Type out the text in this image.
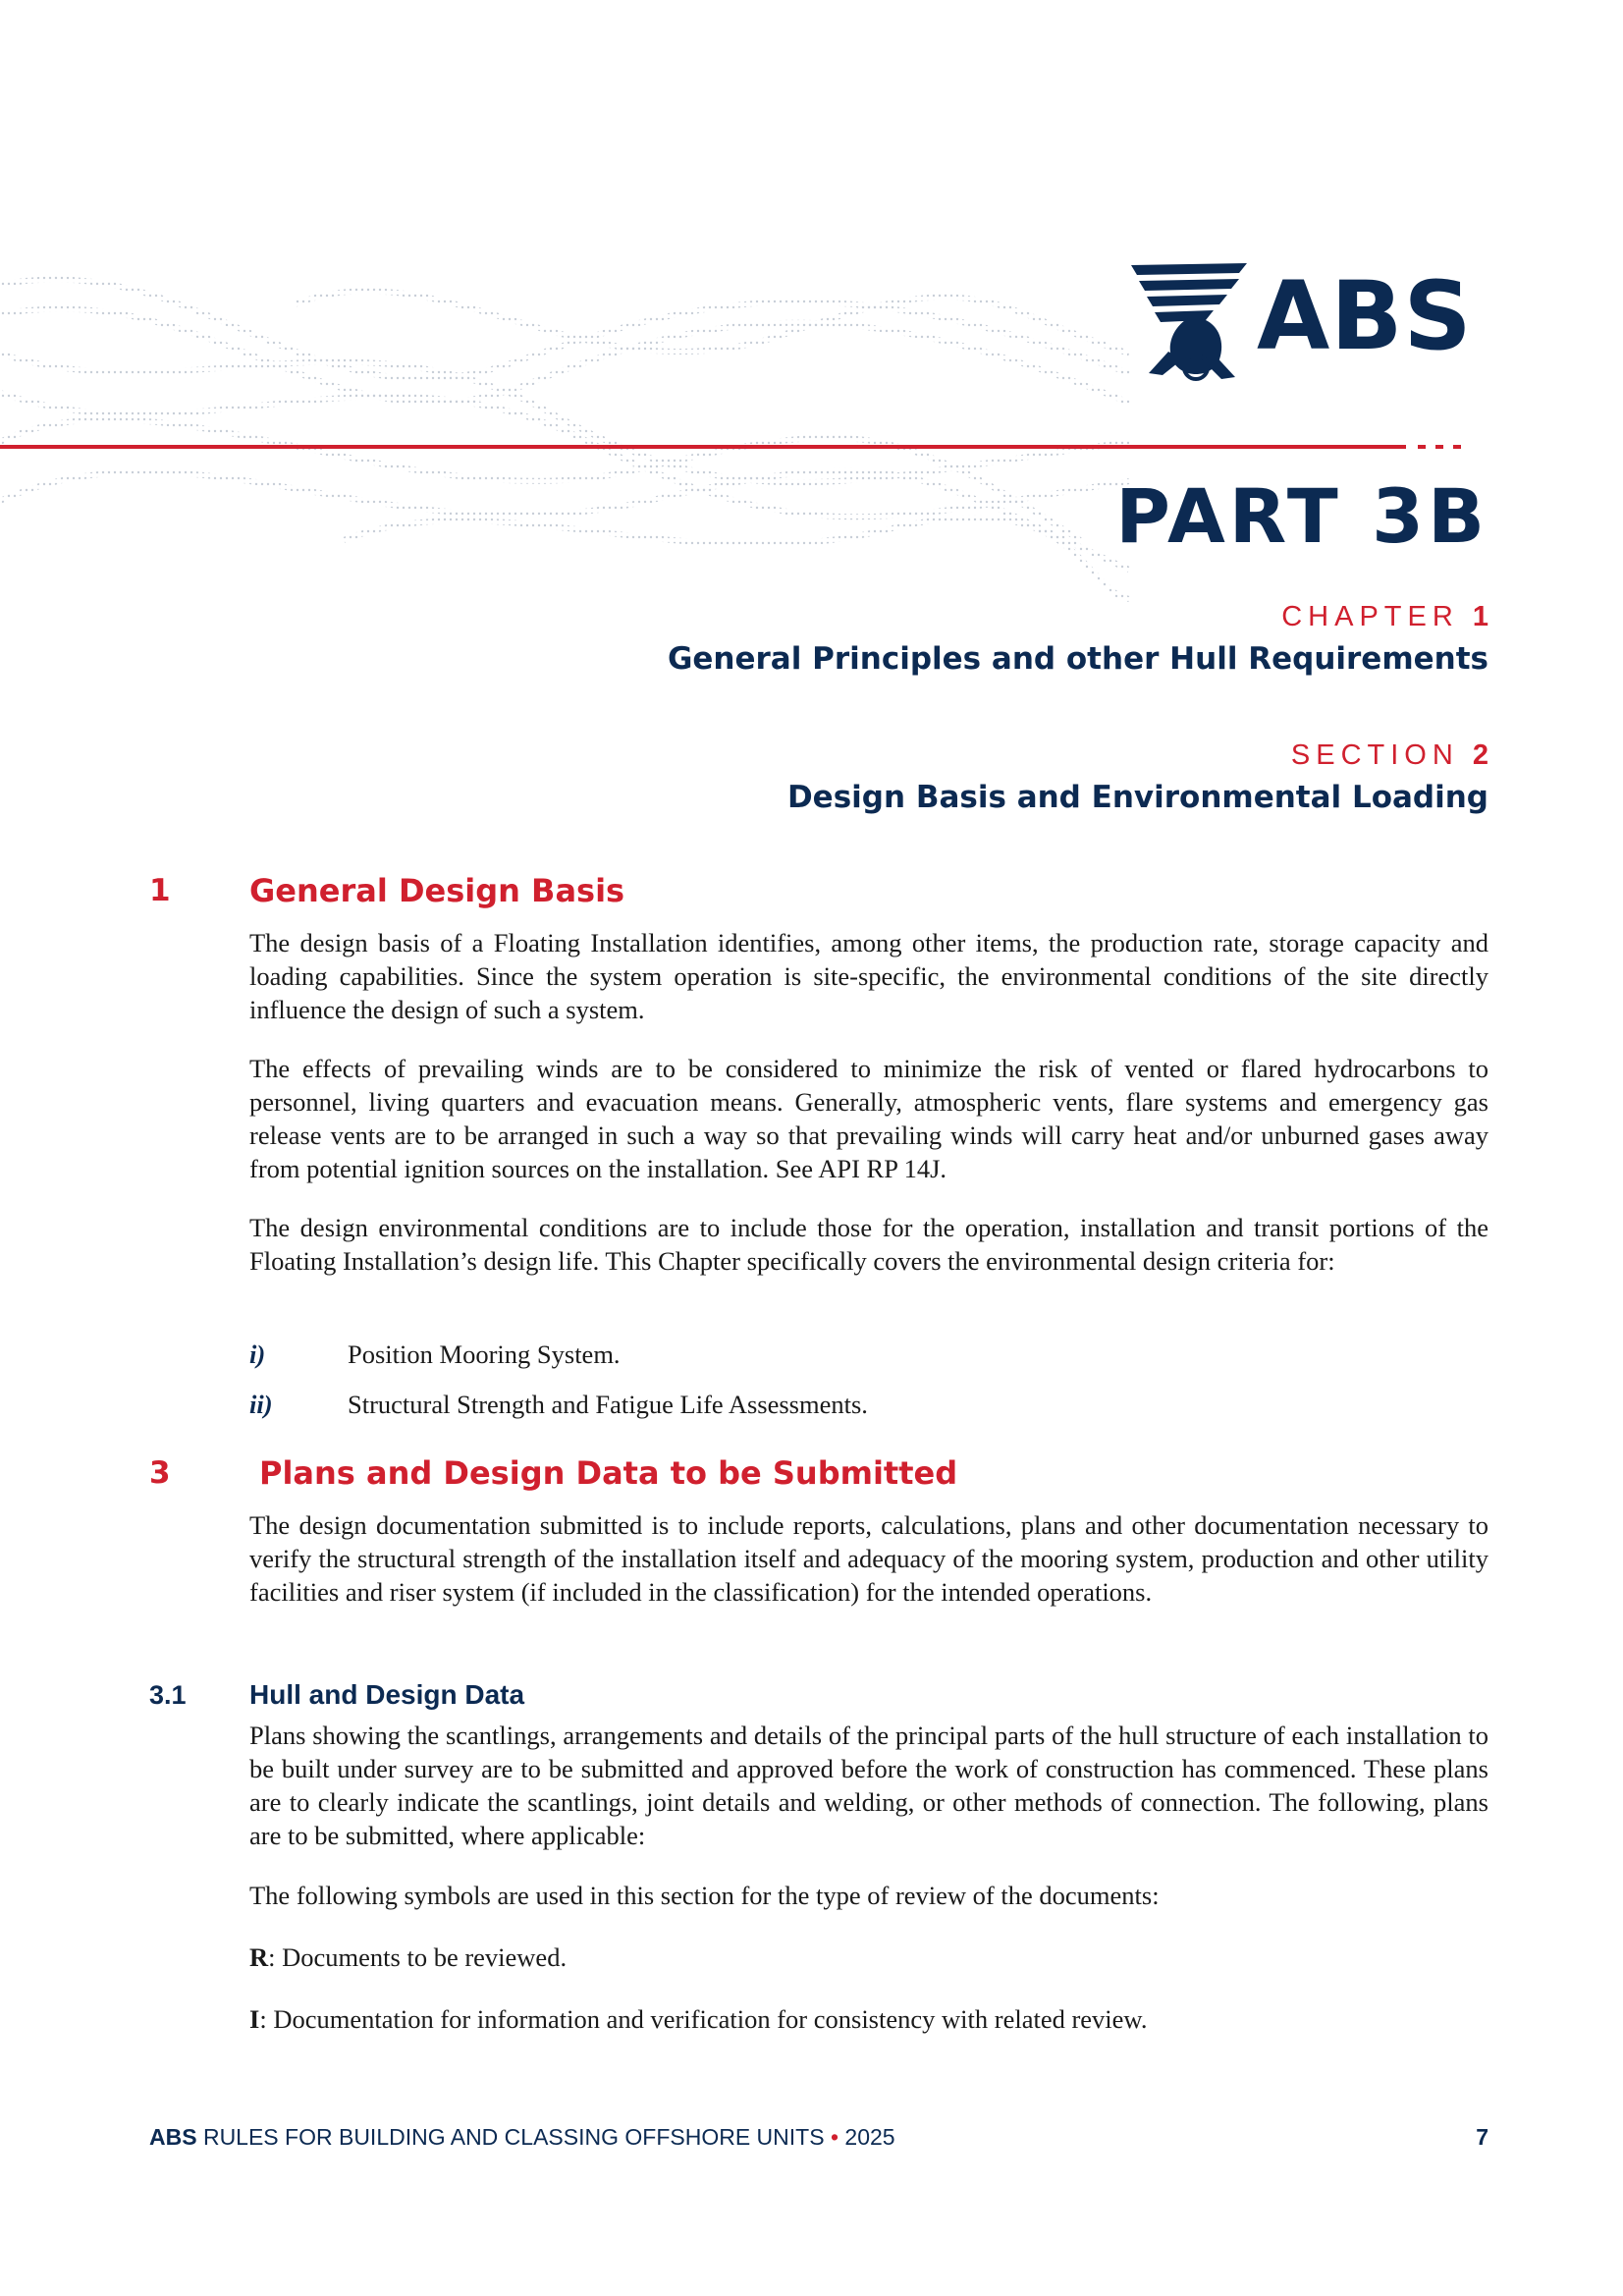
ABS
PART 3B
CHAPTER 1
General Principles and other Hull Requirements
SECTION 2
Design Basis and Environmental Loading
1	General Design Basis

The design basis of a Floating Installation identifies, among other items, the production rate, storage capacity and loading capabilities. Since the system operation is site-specific, the environmental conditions of the site directly influence the design of such a system.

The effects of prevailing winds are to be considered to minimize the risk of vented or flared hydrocarbons to personnel, living quarters and evacuation means. Generally, atmospheric vents, flare systems and emergency gas release vents are to be arranged in such a way so that prevailing winds will carry heat and/or unburned gases away from potential ignition sources on the installation. See API RP 14J.

The design environmental conditions are to include those for the operation, installation and transit portions of the Floating Installation’s design life. This Chapter specifically covers the environmental design criteria for:

i)	Position Mooring System.
ii)	Structural Strength and Fatigue Life Assessments.
3	Plans and Design Data to be Submitted

The design documentation submitted is to include reports, calculations, plans and other documentation necessary to verify the structural strength of the installation itself and adequacy of the mooring system, production and other utility facilities and riser system (if included in the classification) for the intended operations.

3.1 Hull and Design Data

Plans showing the scantlings, arrangements and details of the principal parts of the hull structure of each installation to be built under survey are to be submitted and approved before the work of construction has commenced. These plans are to clearly indicate the scantlings, joint details and welding, or other methods of connection. The following, plans are to be submitted, where applicable:

The following symbols are used in this section for the type of review of the documents:

R: Documents to be reviewed.

I: Documentation for information and verification for consistency with related review.

ABS RULES FOR BUILDING AND CLASSING OFFSHORE UNITS • 2025	7
